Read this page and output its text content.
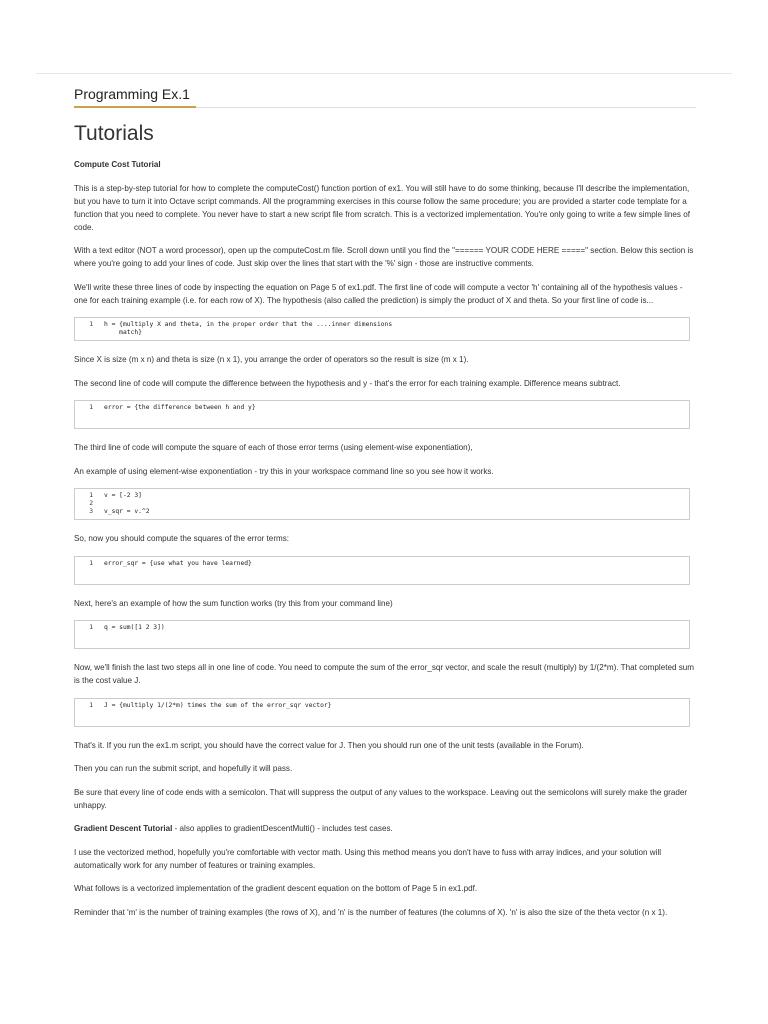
Programming Ex.1
Tutorials

Compute Cost Tutorial

This is a step-by-step tutorial for how to complete the computeCost() function portion of ex1. You will still have to do some thinking, because I'll describe the implementation, but you have to turn it into Octave script commands. All the programming exercises in this course follow the same procedure; you are provided a starter code template for a function that you need to complete. You never have to start a new script file from scratch. This is a vectorized implementation. You're only going to write a few simple lines of code.

With a text editor (NOT a word processor), open up the computeCost.m file. Scroll down until you find the "====== YOUR CODE HERE =====" section. Below this section is where you're going to add your lines of code. Just skip over the lines that start with the '%' sign - those are instructive comments.

We'll write these three lines of code by inspecting the equation on Page 5 of ex1.pdf. The first line of code will compute a vector 'h' containing all of the hypothesis values - one for each training example (i.e. for each row of X). The hypothesis (also called the prediction) is simply the product of X and theta. So your first line of code is...

1	h = {multiply X and theta, in the proper order that the ....inner dimensions
match}

Since X is size (m x n) and theta is size (n x 1), you arrange the order of operators so the result is size (m x 1).

The second line of code will compute the difference between the hypothesis and y - that's the error for each training example. Difference means subtract.

1	error = {the difference between h and y}

The third line of code will compute the square of each of those error terms (using element-wise exponentiation),

An example of using element-wise exponentiation - try this in your workspace command line so you see how it works.

1	v = [-2 3]
2
3	v_sqr = v.^2

So, now you should compute the squares of the error terms:

1	error_sqr = {use what you have learned}

Next, here's an example of how the sum function works (try this from your command line)

1	q = sum([1 2 3])

Now, we'll finish the last two steps all in one line of code. You need to compute the sum of the error_sqr vector, and scale the result (multiply) by 1/(2*m). That completed sum is the cost value J.

1	J = {multiply 1/(2*m) times the sum of the error_sqr vector}

That's it. If you run the ex1.m script, you should have the correct value for J. Then you should run one of the unit tests (available in the Forum).

Then you can run the submit script, and hopefully it will pass.

Be sure that every line of code ends with a semicolon. That will suppress the output of any values to the workspace. Leaving out the semicolons will surely make the grader unhappy.

Gradient Descent Tutorial - also applies to gradientDescentMulti() - includes test cases.

I use the vectorized method, hopefully you're comfortable with vector math. Using this method means you don't have to fuss with array indices, and your solution will automatically work for any number of features or training examples.

What follows is a vectorized implementation of the gradient descent equation on the bottom of Page 5 in ex1.pdf.

Reminder that 'm' is the number of training examples (the rows of X), and 'n' is the number of features (the columns of X). 'n' is also the size of the theta vector (n x 1).
